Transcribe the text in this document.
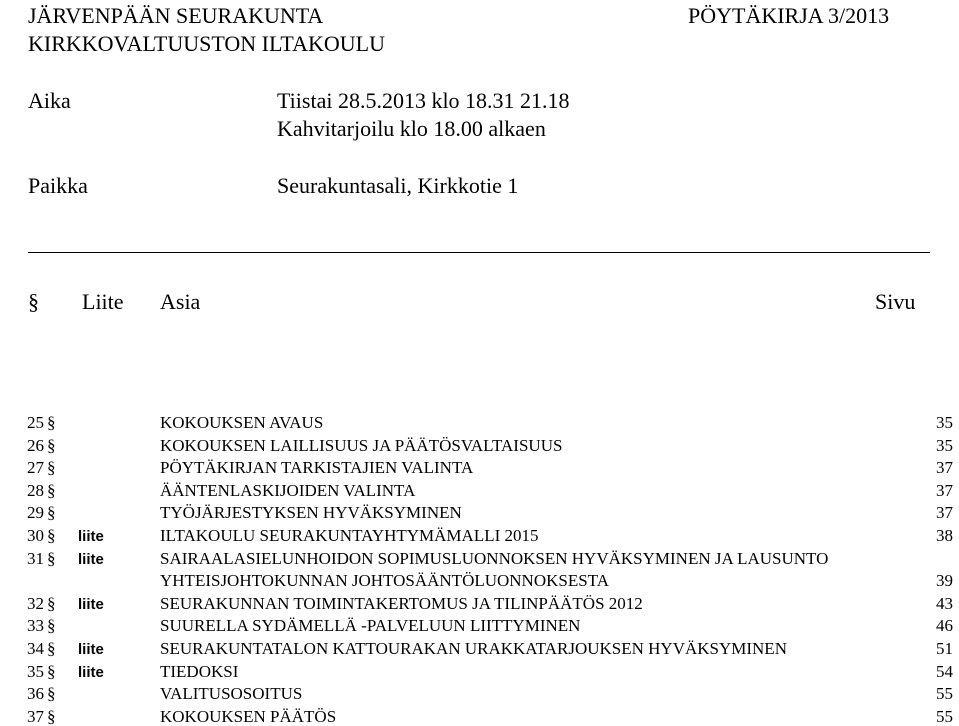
JÄRVENPÄÄN SEURAKUNTA	PÖYTÄKIRJA 3/2013
KIRKKOVALTUUSTON ILTAKOULU
Aika	Tiistai 28.5.2013 klo 18.31 21.18
Kahvitarjoilu klo 18.00 alkaen
Paikka	Seurakuntasali, Kirkkotie 1
§ Liite Asia	Sivu
25 §	KOKOUKSEN AVAUS	35
26 §	KOKOUKSEN LAILLISUUS JA PÄÄTÖSVALTAISUUS	35
27 §	PÖYTÄKIRJAN TARKISTAJIEN VALINTA	37
28 §	ÄÄNTENLASKIJOIDEN VALINTA	37
29 §	TYÖJÄRJESTYKSEN HYVÄKSYMINEN	37
30 § liite	ILTAKOULU SEURAKUNTAYHTYMÄMALLI 2015	38
31 § liite	SAIRAALASIELUNHOIDON SOPIMUSLUONNOKSEN HYVÄKSYMINEN JA LAUSUNTO
YHTEISJOHTOKUNNAN JOHTOSÄÄNTÖLUONNOKSESTA	39
32 § liite	SEURAKUNNAN TOIMINTAKERTOMUS JA TILINPÄÄTÖS 2012	43
33 §	SUURELLA SYDÄMELLÄ -PALVELUUN LIITTYMINEN	46
34 § liite	SEURAKUNTATALON KATTOURAKAN URAKKATARJOUKSEN HYVÄKSYMINEN	51
35 § liite	TIEDOKSI	54
36 §	VALITUSOSOITUS	55
37 §	KOKOUKSEN PÄÄTÖS	55
